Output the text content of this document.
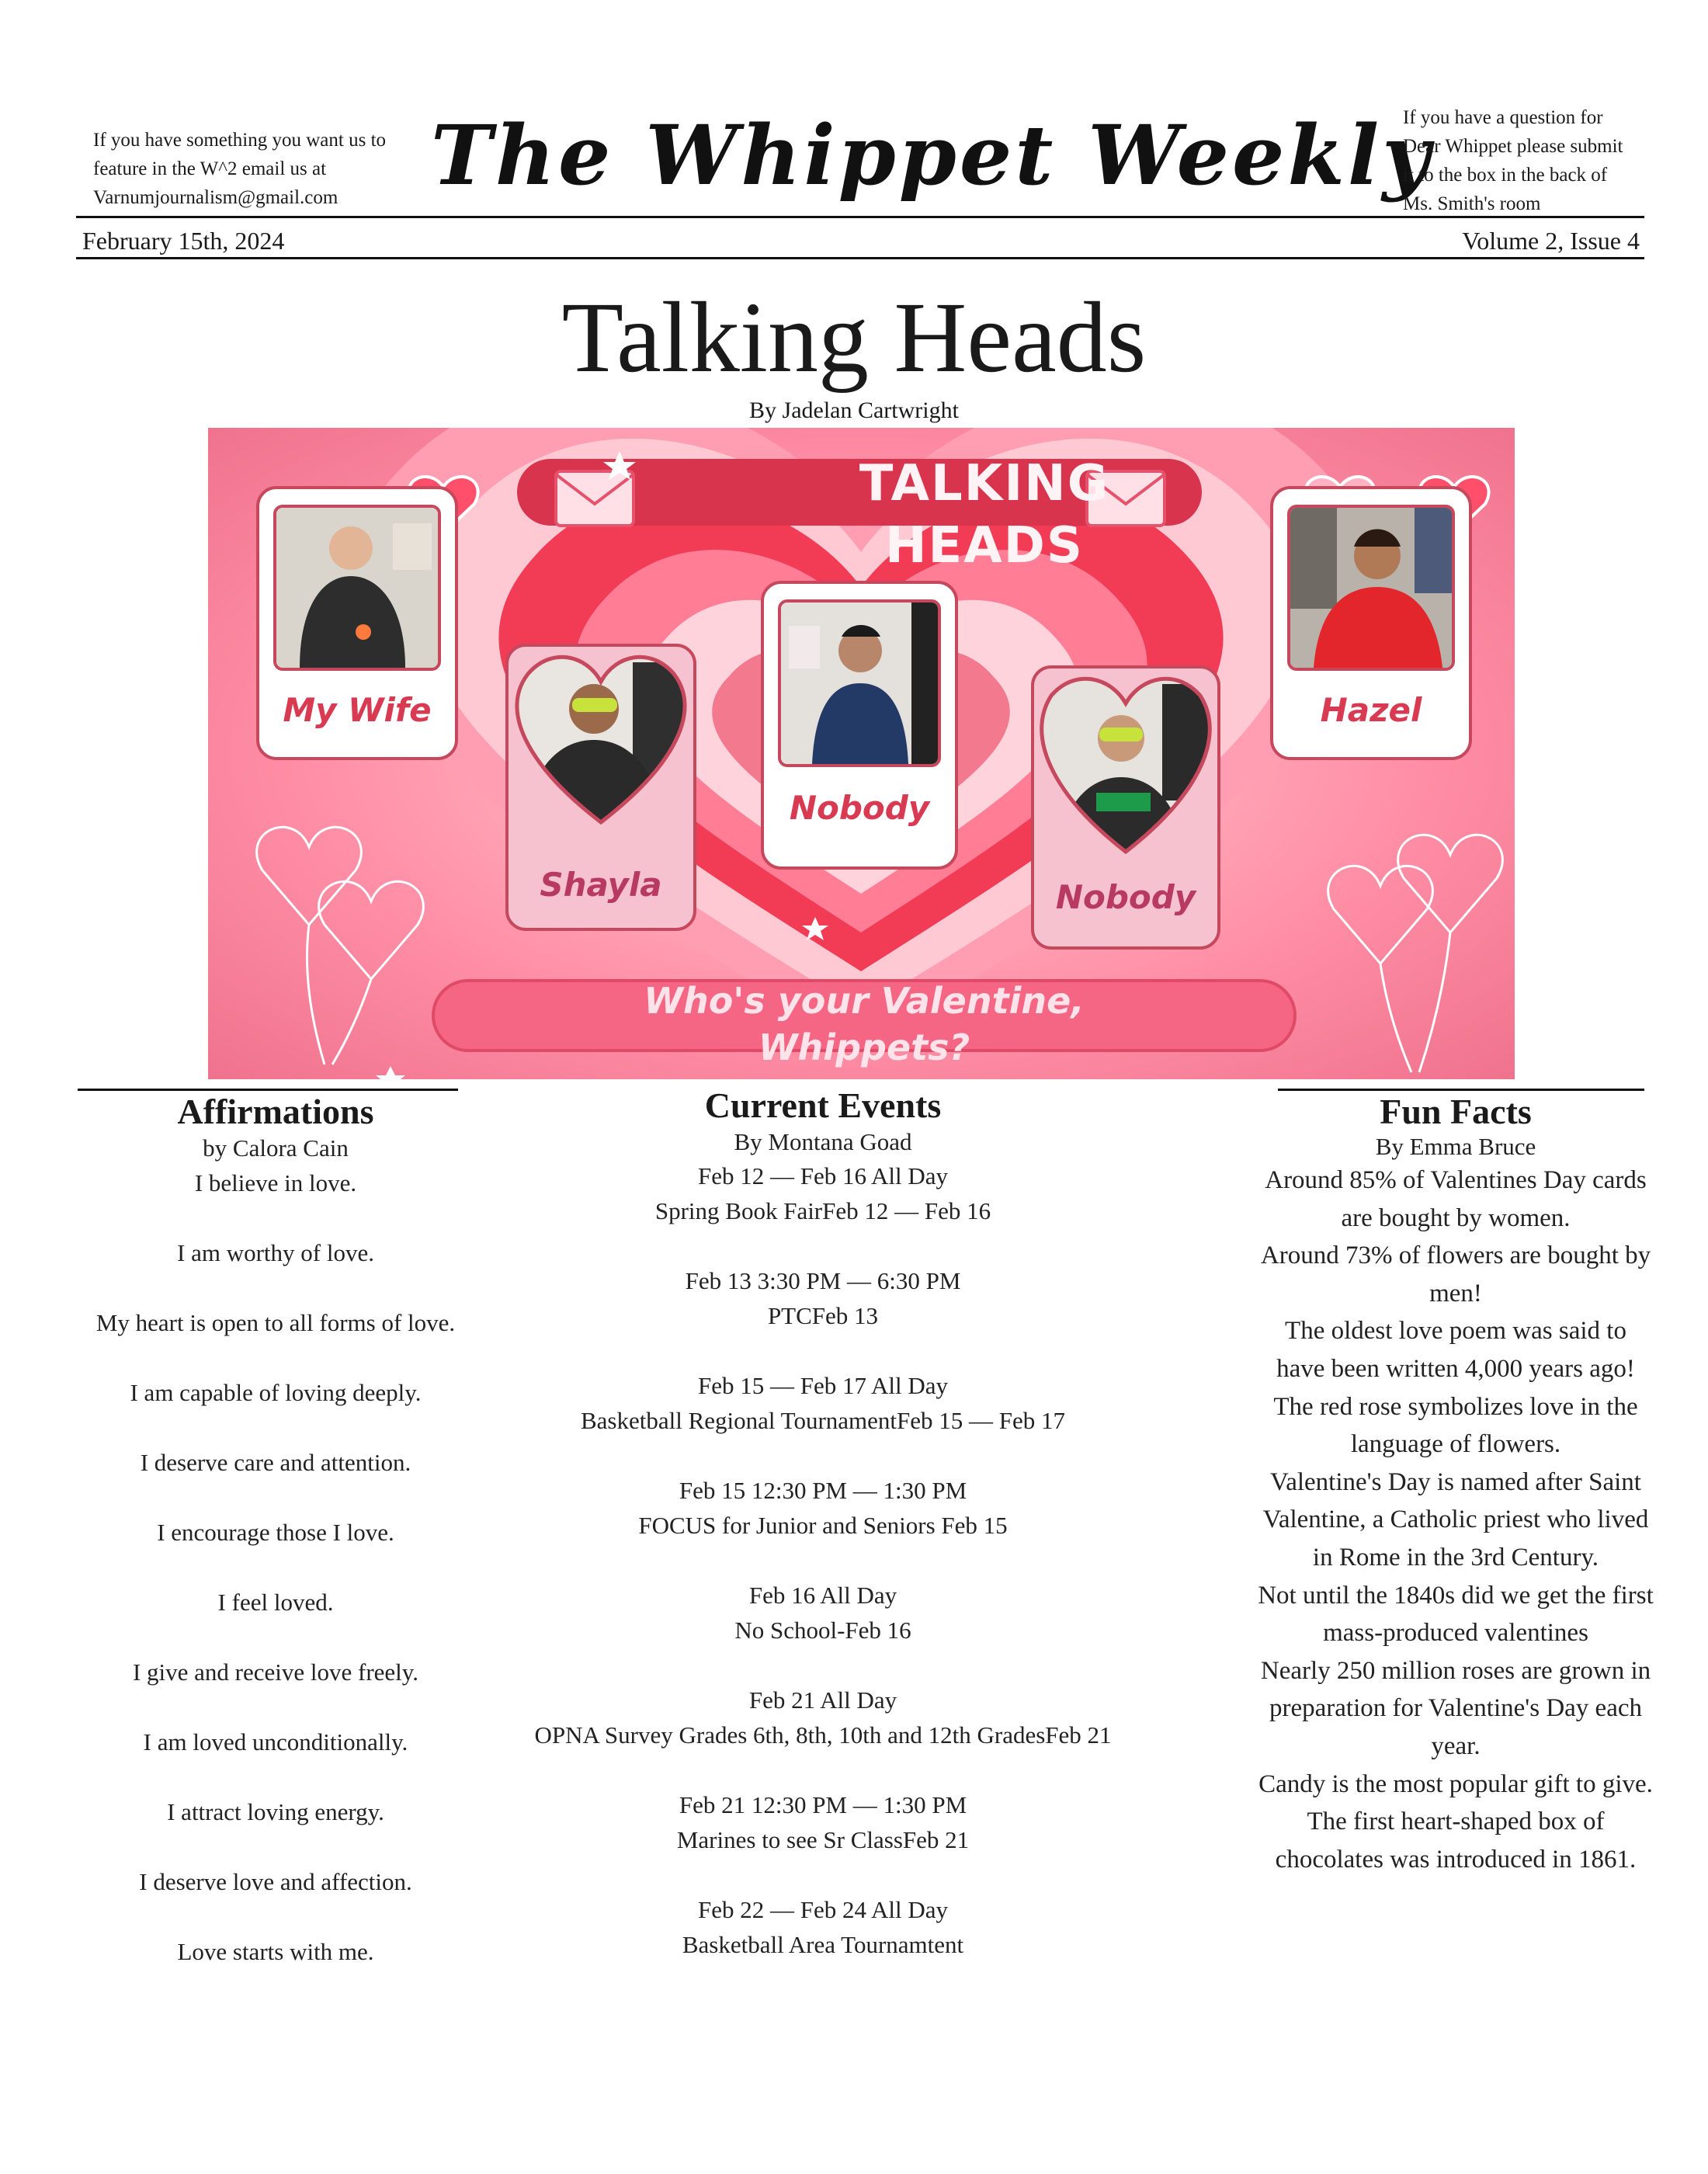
If you have something you want us to feature in the W^2 email us at Varnumjournalism@gmail.com	The Whippet Weekly
If you have a question for Dear Whippet please submit it to the box in the back of Ms. Smith's room
February 15th, 2024	Volume 2, Issue 4
Talking Heads
By Jadelan Cartwright
TALKING HEADS
My Wife
Shayla
Nobody
Nobody
Hazel
Who's your Valentine, Whippets?
Affirmations
by Calora Cain
I believe in love.
I am worthy of love.
My heart is open to all forms of love.
I am capable of loving deeply.
I deserve care and attention.
I encourage those I love.
I feel loved.
I give and receive love freely.
I am loved unconditionally.
I attract loving energy.
I deserve love and affection.
Love starts with me.
Current Events
By Montana Goad
Feb 12 — Feb 16 All Day
Spring Book FairFeb 12 — Feb 16
Feb 13 3:30 PM — 6:30 PM
PTCFeb 13
Feb 15 — Feb 17 All Day
Basketball Regional TournamentFeb 15 — Feb 17
Feb 15 12:30 PM — 1:30 PM
FOCUS for Junior and Seniors Feb 15
Feb 16 All Day
No School-Feb 16
Feb 21 All Day
OPNA Survey Grades 6th, 8th, 10th and 12th GradesFeb 21
Feb 21 12:30 PM — 1:30 PM
Marines to see Sr ClassFeb 21
Feb 22 — Feb 24 All Day
Basketball Area Tournamtent
Fun Facts
By Emma Bruce
Around 85% of Valentines Day cards are bought by women.
Around 73% of flowers are bought by men!
The oldest love poem was said to have been written 4,000 years ago!
The red rose symbolizes love in the language of flowers.
Valentine's Day is named after Saint Valentine, a Catholic priest who lived in Rome in the 3rd Century.
Not until the 1840s did we get the first mass-produced valentines
Nearly 250 million roses are grown in preparation for Valentine's Day each year.
Candy is the most popular gift to give.
The first heart-shaped box of chocolates was introduced in 1861.
